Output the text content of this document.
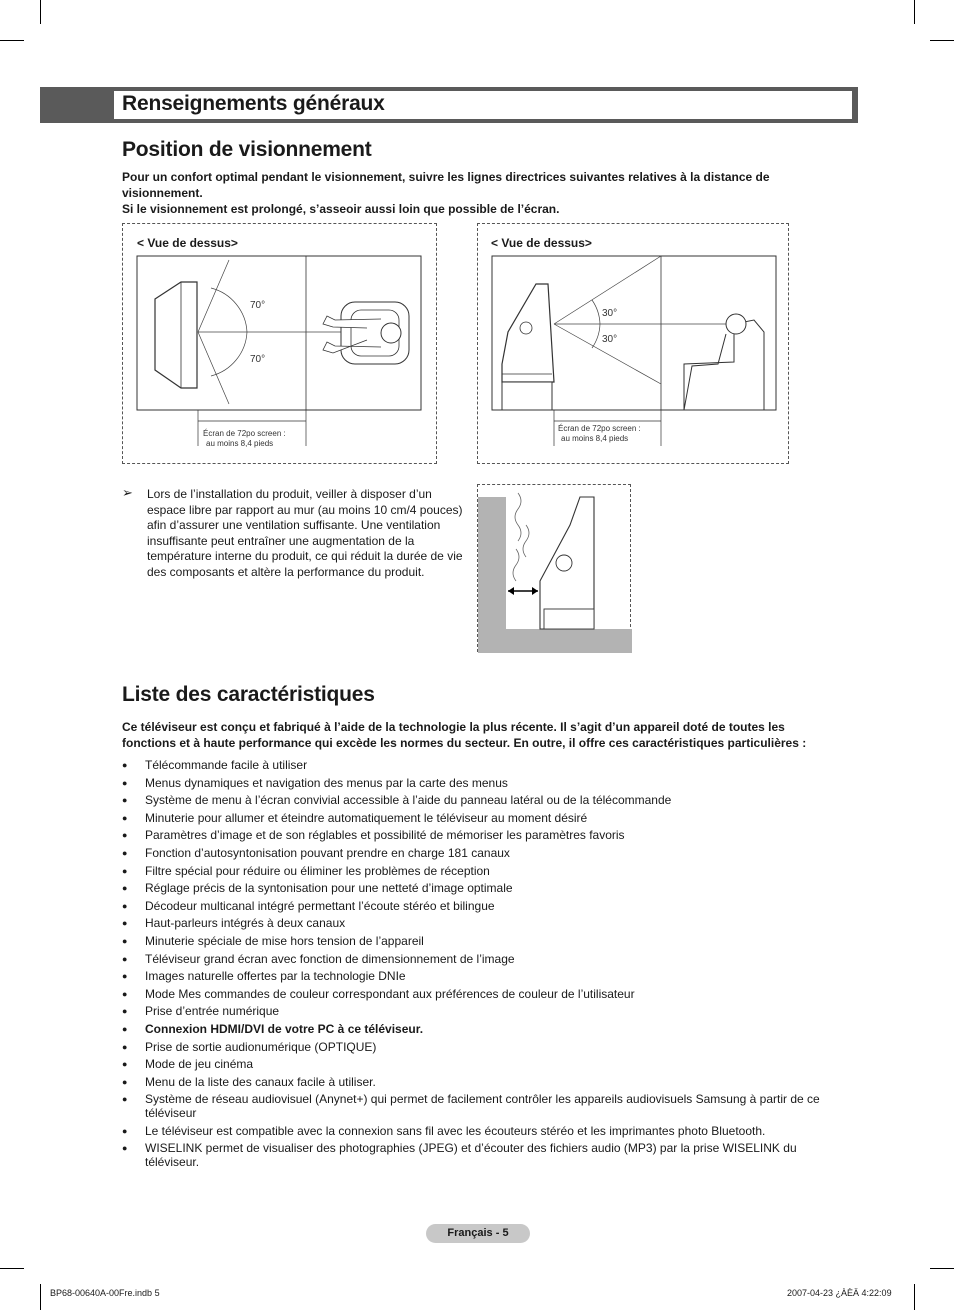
Renseignements généraux
Position de visionnement
Pour un confort optimal pendant le visionnement, suivre les lignes directrices suivantes relatives à la distance de visionnement.
Si le visionnement est prolongé, s’asseoir aussi loin que possible de l’écran.
< Vue de dessus>
70°
70°
Écran de 72po screen :
au moins 8,4 pieds
< Vue de dessus>
30°
30°
Écran de 72po screen :
au moins 8,4 pieds
➢ Lors de l’installation du produit, veiller à disposer d’un espace libre par rapport au mur (au moins 10 cm/4 pouces) afin d’assurer une ventilation suffisante. Une ventilation insuffisante peut entraîner une augmentation de la température interne du produit, ce qui réduit la durée de vie des composants et altère la performance du produit.
Liste des caractéristiques
Ce téléviseur est conçu et fabriqué à l’aide de la technologie la plus récente. Il s’agit d’un appareil doté de toutes les fonctions et à haute performance qui excède les normes du secteur. En outre, il offre ces caractéristiques particulières :
● Télécommande facile à utiliser
● Menus dynamiques et navigation des menus par la carte des menus
● Système de menu à l’écran convivial accessible à l’aide du panneau latéral ou de la télécommande
● Minuterie pour allumer et éteindre automatiquement le téléviseur au moment désiré
● Paramètres d’image et de son réglables et possibilité de mémoriser les paramètres favoris
● Fonction d’autosyntonisation pouvant prendre en charge 181 canaux
● Filtre spécial pour réduire ou éliminer les problèmes de réception
● Réglage précis de la syntonisation pour une netteté d’image optimale
● Décodeur multicanal intégré permettant l’écoute stéréo et bilingue
● Haut-parleurs intégrés à deux canaux
● Minuterie spéciale de mise hors tension de l’appareil
● Téléviseur grand écran avec fonction de dimensionnement de l’image
● Images naturelle offertes par la technologie DNIe
● Mode Mes commandes de couleur correspondant aux préférences de couleur de l’utilisateur
● Prise d’entrée numérique
● Connexion HDMI/DVI de votre PC à ce téléviseur.
● Prise de sortie audionumérique (OPTIQUE)
● Mode de jeu cinéma
● Menu de la liste des canaux facile à utiliser.
● Système de réseau audiovisuel (Anynet+) qui permet de facilement contrôler les appareils audiovisuels Samsung à partir de ce téléviseur
● Le téléviseur est compatible avec la connexion sans fil avec les écouteurs stéréo et les imprimantes photo Bluetooth.
● WISELINK permet de visualiser des photographies (JPEG) et d’écouter des fichiers audio (MP3) par la prise WISELINK du téléviseur.
Français - 5
BP68-00640A-00Fre.indb 5	2007-04-23 ¿ÀÈÄ 4:22:09
